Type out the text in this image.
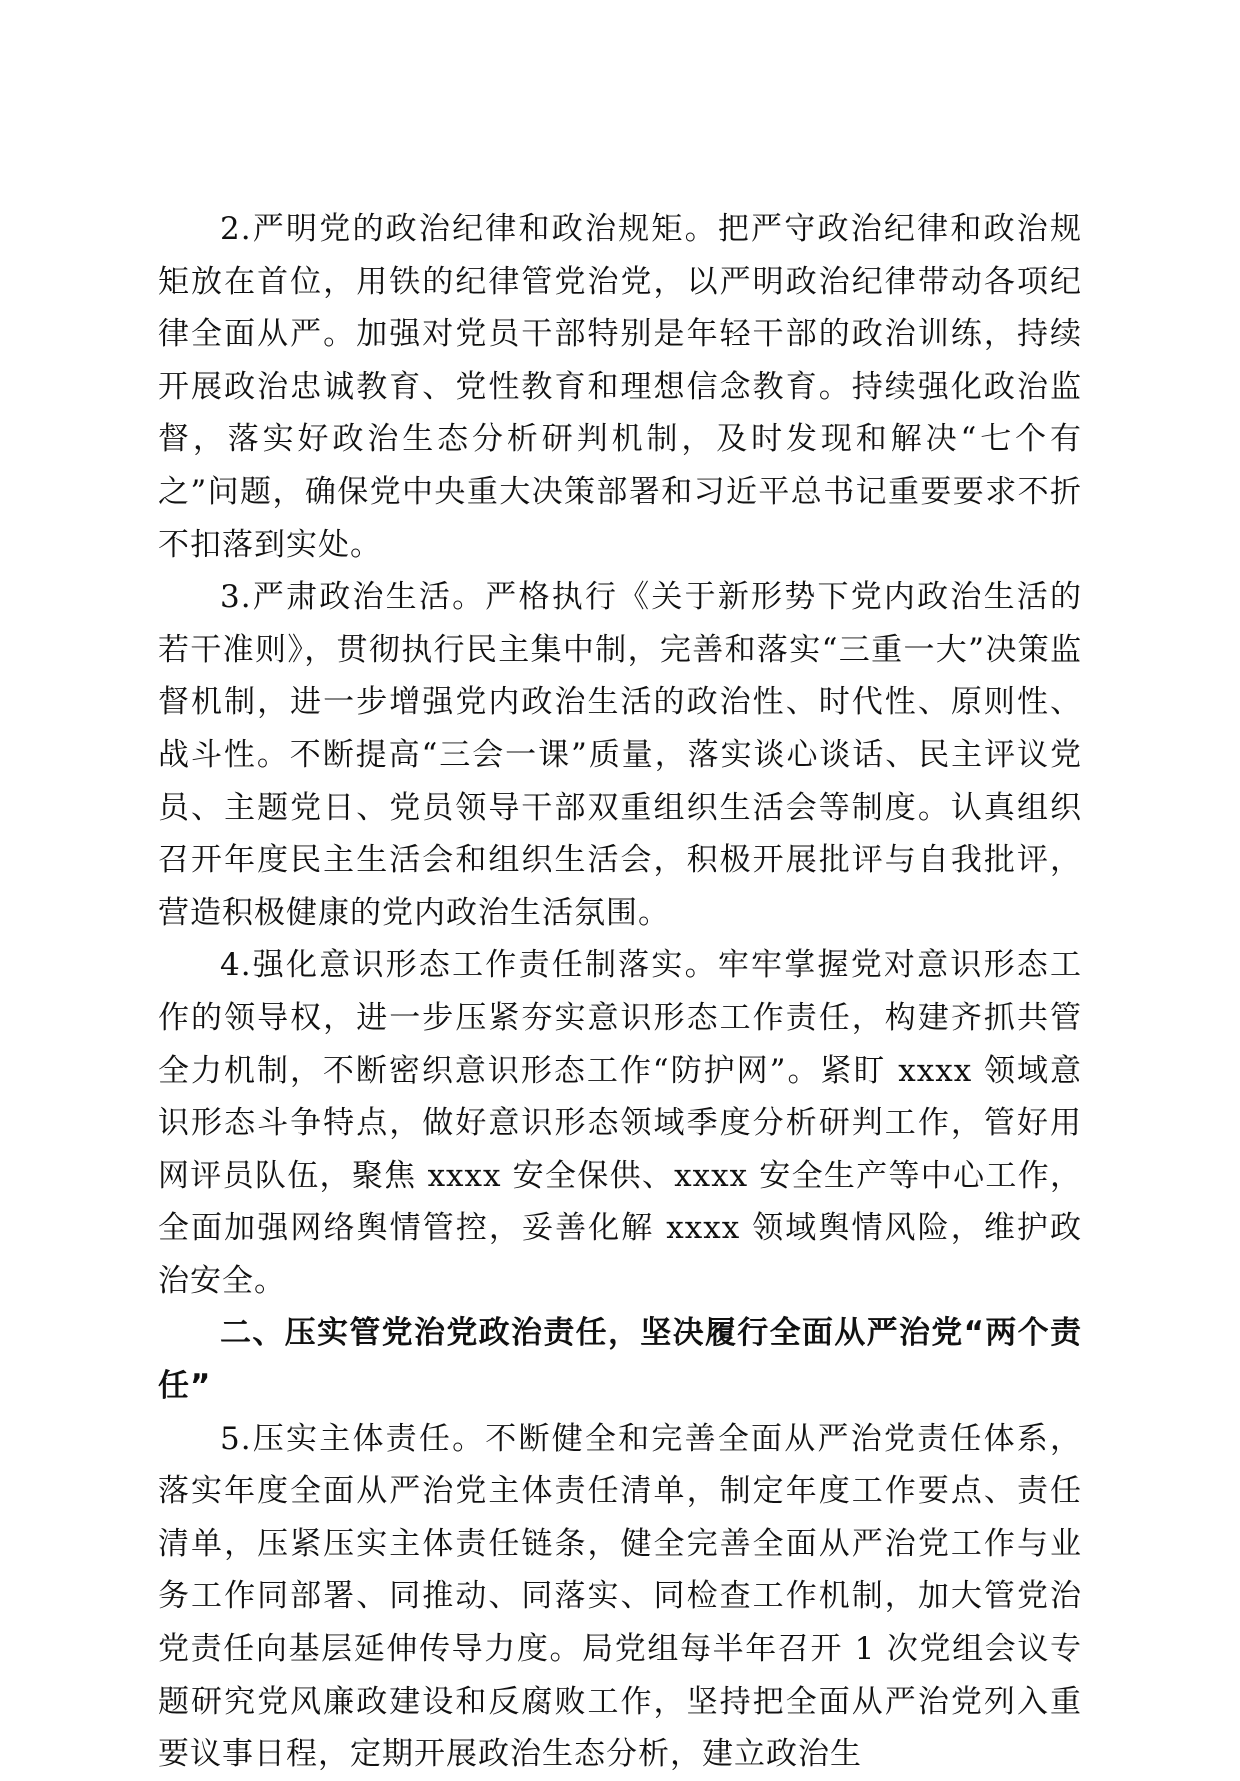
2.严明党的政治纪律和政治规矩。把严守政治纪律和政治规矩放在首位，用铁的纪律管党治党，以严明政治纪律带动各项纪律全面从严。加强对党员干部特别是年轻干部的政治训练，持续开展政治忠诚教育、党性教育和理想信念教育。持续强化政治监督，落实好政治生态分析研判机制，及时发现和解决“七个有之”问题，确保党中央重大决策部署和习近平总书记重要要求不折不扣落到实处。

3.严肃政治生活。严格执行《关于新形势下党内政治生活的若干准则》，贯彻执行民主集中制，完善和落实“三重一大”决策监督机制，进一步增强党内政治生活的政治性、时代性、原则性、战斗性。不断提高“三会一课”质量，落实谈心谈话、民主评议党员、主题党日、党员领导干部双重组织生活会等制度。认真组织召开年度民主生活会和组织生活会，积极开展批评与自我批评，营造积极健康的党内政治生活氛围。

4.强化意识形态工作责任制落实。牢牢掌握党对意识形态工作的领导权，进一步压紧夯实意识形态工作责任，构建齐抓共管全力机制，不断密织意识形态工作“防护网”。紧盯 xxxx 领域意识形态斗争特点，做好意识形态领域季度分析研判工作，管好用网评员队伍，聚焦 xxxx 安全保供、xxxx 安全生产等中心工作，全面加强网络舆情管控，妥善化解 xxxx 领域舆情风险，维护政治安全。

二、压实管党治党政治责任，坚决履行全面从严治党“两个责任”

5.压实主体责任。不断健全和完善全面从严治党责任体系，落实年度全面从严治党主体责任清单，制定年度工作要点、责任清单，压紧压实主体责任链条，健全完善全面从严治党工作与业务工作同部署、同推动、同落实、同检查工作机制，加大管党治党责任向基层延伸传导力度。局党组每半年召开 1 次党组会议专题研究党风廉政建设和反腐败工作，坚持把全面从严治党列入重要议事日程，定期开展政治生态分析，建立政治生
